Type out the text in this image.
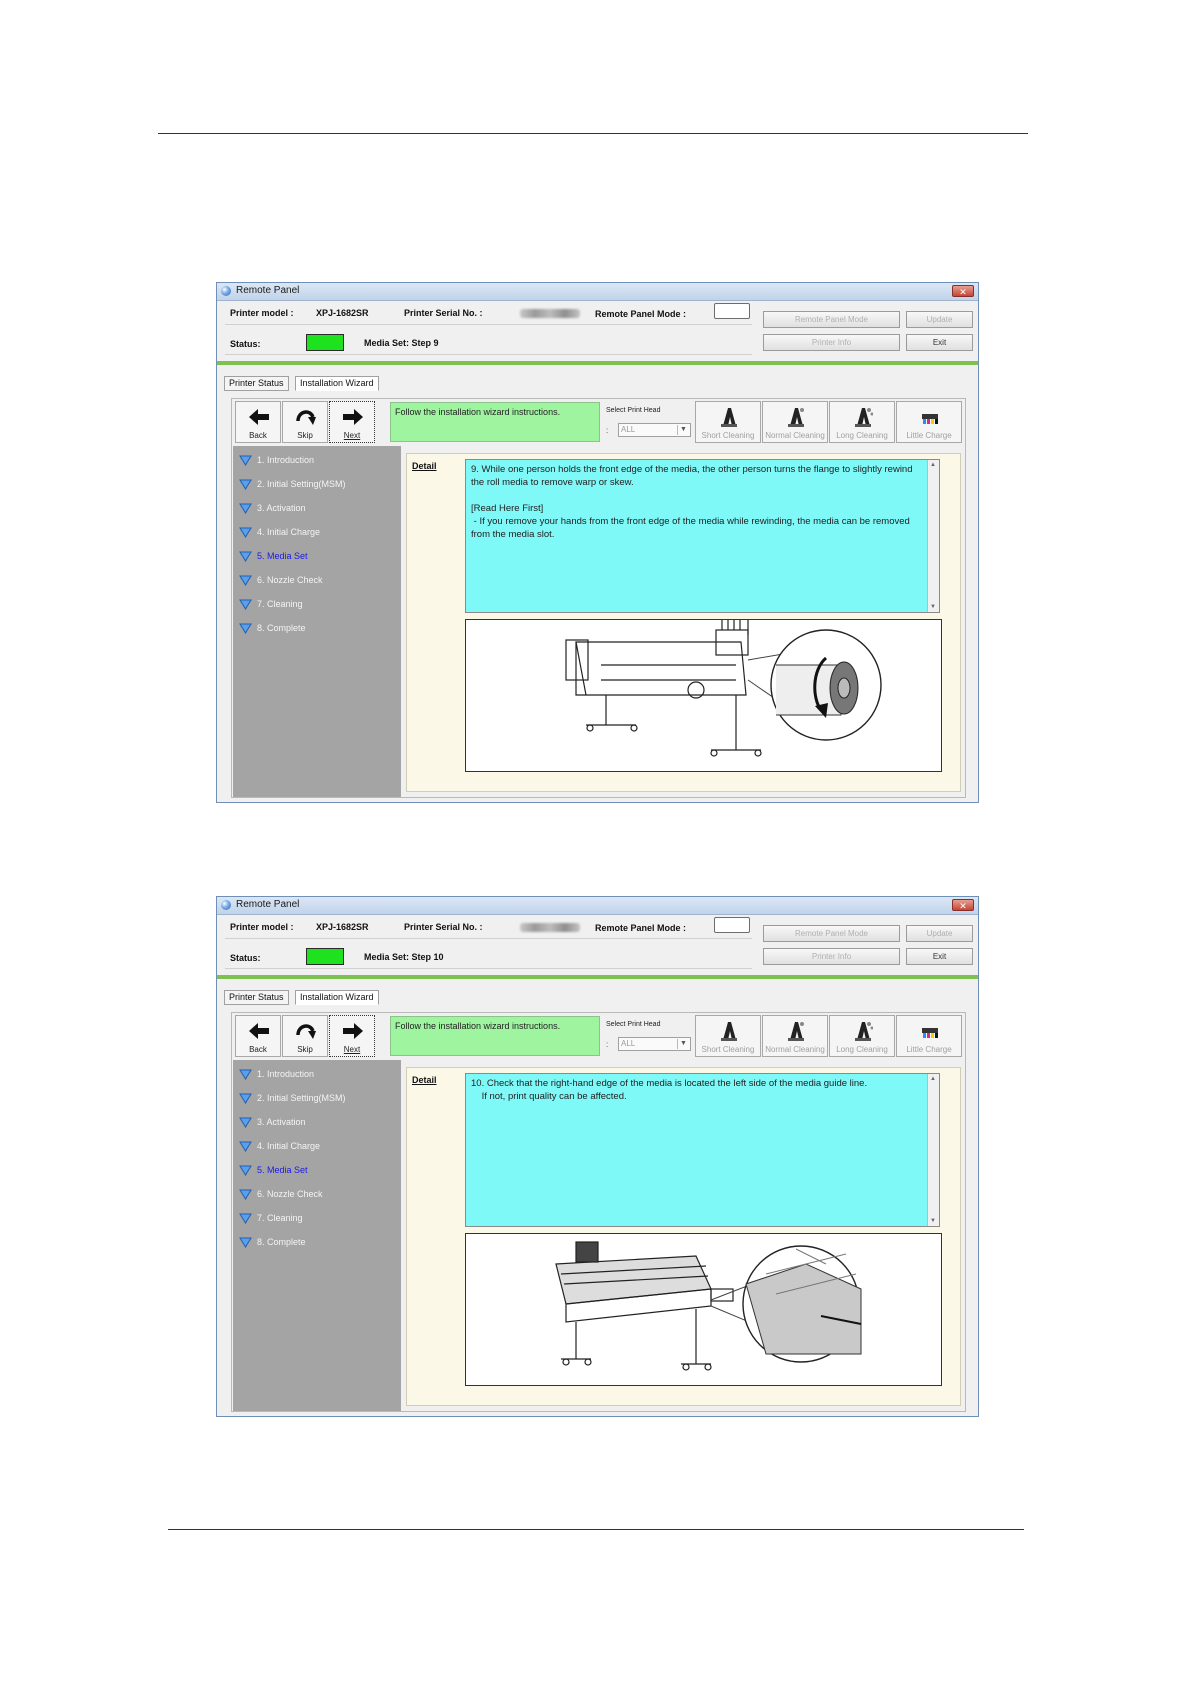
Remote Panel	✕
Printer model : XPJ-1682SR	Printer Serial No. :	Remote Panel Mode :
Status:	Media Set: Step 9
Remote Panel Mode	Update
Printer Info	Exit
Printer Status	Installation Wizard
Back	Skip	Next
Follow the installation wizard instructions.	Select Print Head
:	ALL	▼
Short Cleaning	Normal Cleaning	Long Cleaning	Little Charge
1. Introduction
2. Initial Setting(MSM)
3. Activation
4. Initial Charge
5. Media Set
6. Nozzle Check
7. Cleaning
8. Complete
Detail	9. While one person holds the front edge of the media, the other person turns the flange to slightly rewind the roll media to remove warp or skew.

[Read Here First]

- If you remove your hands from the front edge of the media while rewinding, the media can be removed from the media slot.

▲
▼
Remote Panel	✕
Printer model : XPJ-1682SR	Printer Serial No. :	Remote Panel Mode :
Status:	Media Set: Step 10
Remote Panel Mode	Update
Printer Info	Exit
Printer Status	Installation Wizard
Back	Skip	Next
Follow the installation wizard instructions.	Select Print Head
:	ALL	▼
Short Cleaning	Normal Cleaning	Long Cleaning	Little Charge
1. Introduction
2. Initial Setting(MSM)
3. Activation
4. Initial Charge
5. Media Set
6. Nozzle Check
7. Cleaning
8. Complete
Detail	10. Check that the right-hand edge of the media is located the left side of the media guide line.

If not, print quality can be affected.

▲
▼
